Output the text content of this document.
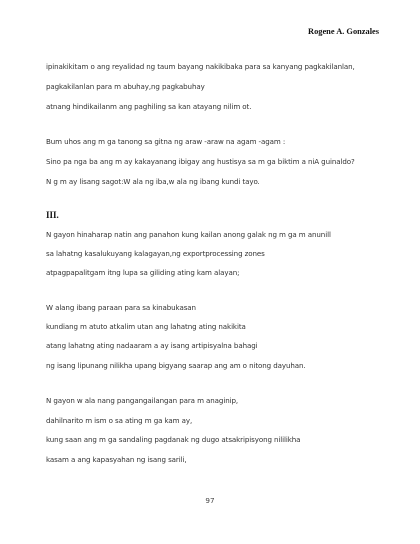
Rogene A. Gonzales
ipinakikitam o ang reyalidad ng taum bayang nakikibaka para sa kanyang pagkakilanlan,
pagkakilanlan para m abuhay,ng pagkabuhay
atnang hindikailanm ang paghiling sa kan atayang nilim ot.
Bum uhos ang m ga tanong sa gitna ng araw -araw na agam -agam :
Sino pa nga ba ang m ay kakayanang ibigay ang hustisya sa m ga biktim a niA guinaldo?
N g m ay lisang sagot:W ala ng iba,w ala ng ibang kundi tayo.
III.
N gayon hinaharap natin ang panahon kung kailan anong galak ng m ga m anunill
sa lahatng kasalukuyang kalagayan,ng exportprocessing zones
atpagpapalitgam itng lupa sa giliding ating kam alayan;
W alang ibang paraan para sa kinabukasan
kundiang m atuto atkalim utan ang lahatng ating nakikita
atang lahatng ating nadaaram a ay isang artipisyalna bahagi
ng isang lipunang nilikha upang bigyang saarap ang am o nitong dayuhan.
N gayon w ala nang pangangailangan para m anaginip,
dahilnarito m ism o sa ating m ga kam ay,
kung saan ang m ga sandaling pagdanak ng dugo atsakripisyong nililikha
kasam a ang kapasyahan ng isang sarili,
97
